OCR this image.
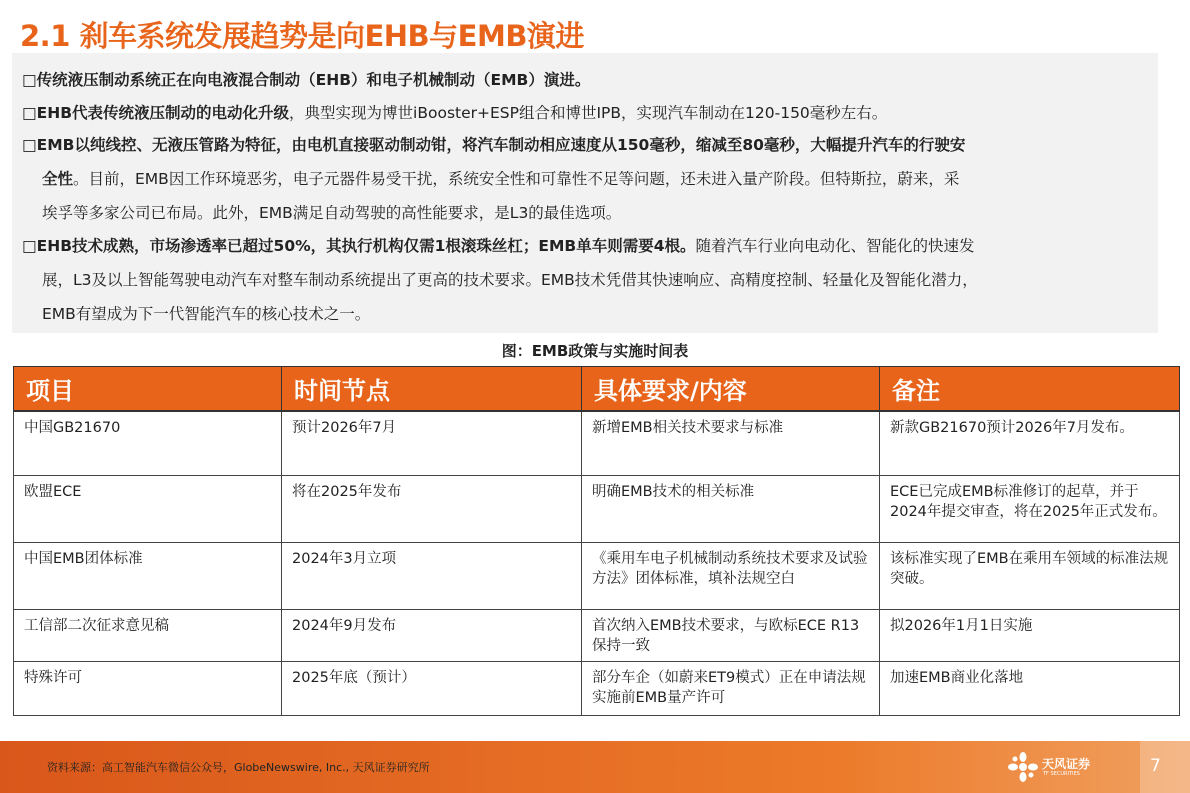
2.1 刹车系统发展趋势是向EHB与EMB演进
□传统液压制动系统正在向电液混合制动（EHB）和电子机械制动（EMB）演进。
□EHB代表传统液压制动的电动化升级，典型实现为博世iBooster+ESP组合和博世IPB，实现汽车制动在120-150毫秒左右。
□EMB以纯线控、无液压管路为特征，由电机直接驱动制动钳，将汽车制动相应速度从150毫秒，缩减至80毫秒，大幅提升汽车的行驶安
全性。目前，EMB因工作环境恶劣，电子元器件易受干扰，系统安全性和可靠性不足等问题，还未进入量产阶段。但特斯拉，蔚来，采
埃孚等多家公司已布局。此外，EMB满足自动驾驶的高性能要求，是L3的最佳选项。
□EHB技术成熟，市场渗透率已超过50%，其执行机构仅需1根滚珠丝杠；EMB单车则需要4根。随着汽车行业向电动化、智能化的快速发
展，L3及以上智能驾驶电动汽车对整车制动系统提出了更高的技术要求。EMB技术凭借其快速响应、高精度控制、轻量化及智能化潜力，
EMB有望成为下一代智能汽车的核心技术之一。
图：EMB政策与实施时间表
项目	时间节点	具体要求/内容	备注
中国GB21670	预计2026年7月	新增EMB相关技术要求与标准	新款GB21670预计2026年7月发布。
欧盟ECE	将在2025年发布	明确EMB技术的相关标准	ECE已完成EMB标准修订的起草，并于2024年提交审查，将在2025年正式发布。
中国EMB团体标准	2024年3月立项	《乘用车电子机械制动系统技术要求及试验方法》团体标准，填补法规空白	该标准实现了EMB在乘用车领域的标准法规突破。
工信部二次征求意见稿	2024年9月发布	首次纳入EMB技术要求，与欧标ECE R13保持一致	拟2026年1月1日实施
特殊许可	2025年底（预计）	部分车企（如蔚来ET9模式）正在申请法规实施前EMB量产许可	加速EMB商业化落地
资料来源：高工智能汽车微信公众号，GlobeNewswire, Inc., 天风证券研究所	天风证券
TF SECURITIES	7
